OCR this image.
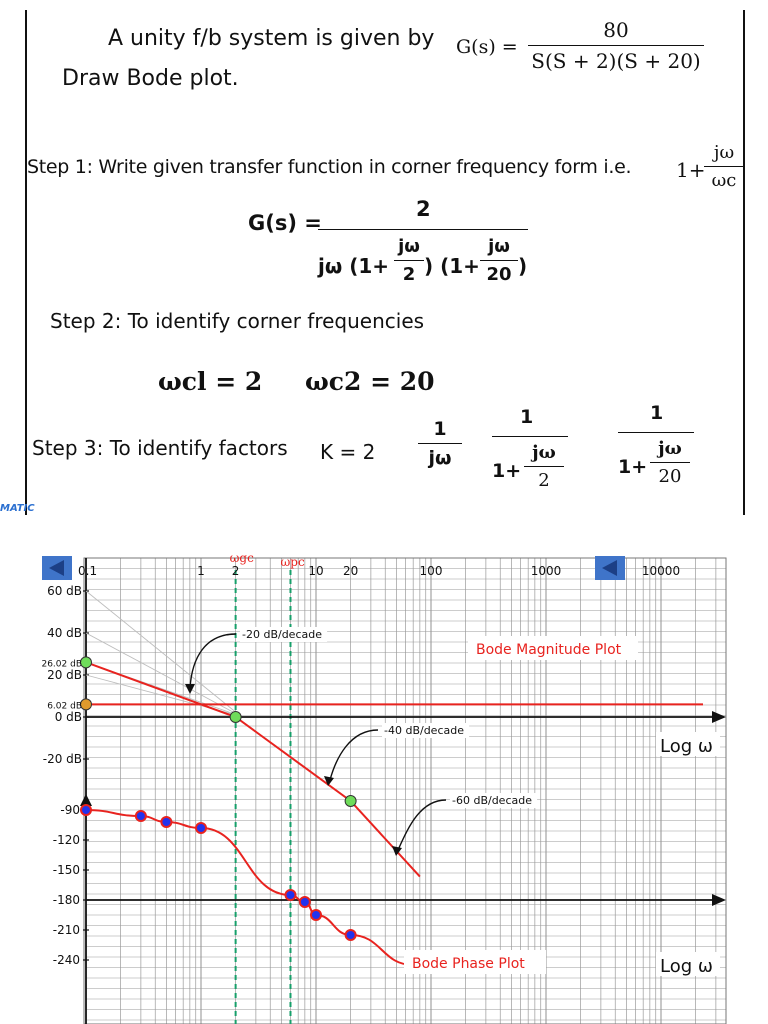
A unity f/b system is given by G(s) =
80
S(S + 2)(S + 20)
Draw Bode plot.
Step 1: Write given transfer function in corner frequency form i.e. 1+
jω
ωc
G(s) =
2
jω (1+
jω
2 ) (1+
jω
20 )
Step 2: To identify corner frequencies
ωcl = 2 ωc2 = 20
Step 3: To identify factors K = 2
1
jω
1
1+
jω
2
1
1+
jω
20
MATIC
0.1	1 2	10 20	100	1000	10000
ωgc ωpc
60 dB
40 dB
26.02 dB
20 dB
6.02 dB
0 dB
-20 dB
-90
-120
-150
-180
-210
-240
-20 dB/decade
-40 dB/decade
-60 dB/decade
Bode Magnitude Plot
Bode Phase Plot
Log ω
Log ω
